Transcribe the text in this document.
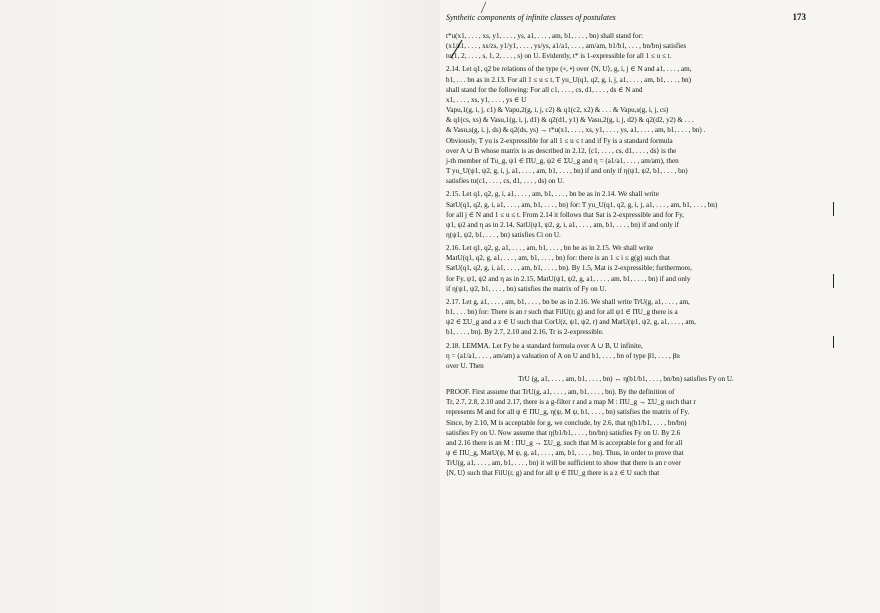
Synthetic components of infinite classes of postulates	173

t*u(x1, . . . , xs, y1, . . . , ys, a1, . . . , am, b1, . . . , bn) shall stand for:

(x1/z1, . . . , xs/zs, y1/y1, . . . , ys/ys, a1/a1, . . . , am/am, b1/b1, . . . , bn/bn) satisfies

tu(1, 2, . . . , s, 1, 2, . . . , s) on U. Evidently, t* is 1-expressible for all 1 ≤ u ≤ t.

2.14. Let q1, q2 be relations of the type (∘, •) over ⟨N, U⟩, g, i, j ∈ N and a1, . . . , am,

b1, . . . bn as in 2.13. For all 1 ≤ u ≤ t, T yu_U(q1, q2, g, i, j, a1, . . . , am, b1, . . . , bn)

shall stand for the following: For all c1, . . . , cs, d1, . . . , ds ∈ N and

x1, . . . , xs, y1, . . . , ys ∈ U

Vapu,1(g, i, j, c1) & Vapu,2(g, i, j, c2) & q1(c2, x2) & . . . & Vapu,s(g, i, j, cs)

& q1(cs, xs) & Vasu,1(g, i, j, d1) & q2(d1, y1) & Vasu,2(g, i, j, d2) & q2(d2, y2) & . . .

& Vasu,s(g, i, j, ds) & q2(ds, ys) → t*u(x1, . . . , xs, y1, . . . , ys, a1, . . . , am, b1, . . . , bn) .

Obviously, T yu is 2-expressible for all 1 ≤ u ≤ t and if Fy is a standard formula

over A ∪ B whose matrix is as described in 2.12, ⟨c1, . . . , cs, d1, . . . , ds⟩ is the

j-th member of Tu_g, ψ1 ∈ ΠU_g, ψ2 ∈ ΣU_g and η = (a1/a1, . . . , am/am), then

T yu_U(ψ1, ψ2, g, i, j, a1, . . . , am, b1, . . . , bn) if and only if η(ψ1, ψ2, b1, . . . , bn)

satisfies tu(c1, . . . , cs, d1, . . . , ds) on U.

2.15. Let q1, q2, g, i, a1, . . . , am, b1, . . . , bn be as in 2.14. We shall write

SatU(q1, q2, g, i, a1, . . . , am, b1, . . . , bn) for: T yu_U(q1, q2, g, i, j, a1, . . . , am, b1, . . . , bn)

for all j ∈ N and 1 ≤ u ≤ t. From 2.14 it follows that Sat is 2-expressible and for Fy,

ψ1, ψ2 and η as in 2.14, SatU(ψ1, ψ2, g, i, a1, . . . , am, b1, . . . , bn) if and only if

η(ψ1, ψ2, b1, . . . , bn) satisfies Ci on U.

2.16. Let q1, q2, g, a1, . . . , am, b1, . . . , bn be as in 2.15. We shall write

MatU(q1, q2, g, a1, . . . , am, b1, . . . , bn) for: there is an 1 ≤ i ≤ g(g) such that

SatU(q1, q2, g, i, a1, . . . , am, b1, . . . , bn). By 1.5, Mat is 2-expressible; furthermore,

for Fy, ψ1, ψ2 and η as in 2.15, MatU(ψ1, ψ2, g, a1, . . . , am, b1, . . . , bn) if and only

if η(ψ1, ψ2, b1, . . . , bn) satisfies the matrix of Fy on U.

2.17. Let g, a1, . . . , am, b1, . . . , bn be as in 2.16. We shall write TrU(g, a1, . . . , am,

b1, . . . bn) for: There is an r such that FilU(r, g) and for all ψ1 ∈ ΠU_g there is a

ψ2 ∈ ΣU_g and a z ∈ U such that CorU(z, ψ1, ψ2, r) and MatU(ψ1, ψ2, g, a1, . . . , am,

b1, . . . , bn). By 2.7, 2.10 and 2.16, Tr is 2-expressible.

2.18. LEMMA. Let Fy be a standard formula over A ∪ B, U infinite,

η = (a1/a1, . . . , am/am) a valuation of A on U and b1, . . . , bn of type β1, . . . , βn

over U. Then

TrU (g, a1, . . . , am, b1, . . . , bn) ↔ η(b1/b1, . . . , bn/bn) satisfies Fy on U.

PROOF. First assume that TrU(g, a1, . . . , am, b1, . . . , bn). By the definition of

Tr, 2.7, 2.8, 2.10 and 2.17, there is a g-filter r and a map M : ΠU_g → ΣU_g such that r

represents M and for all ψ ∈ ΠU_g, η(ψ, M ψ, b1, . . . , bn) satisfies the matrix of Fy.

Since, by 2.10, M is acceptable for g, we conclude, by 2.6, that η(b1/b1, . . . , bn/bn)

satisfies Fy on U. Now assume that η(b1/b1, . . . , bn/bn) satisfies Fy on U. By 2.6

and 2.16 there is an M : ΠU_g → ΣU_g, such that M is acceptable for g and for all

ψ ∈ ΠU_g, MatU(ψ, M ψ, g, a1, . . . , am, b1, . . . , bn). Thus, in order to prove that

TrU(g, a1, . . . , am, b1, . . . , bn) it will be sufficient to show that there is an r over

⟨N, U⟩ such that FilU(r, g) and for all ψ ∈ ΠU_g there is a z ∈ U such that
